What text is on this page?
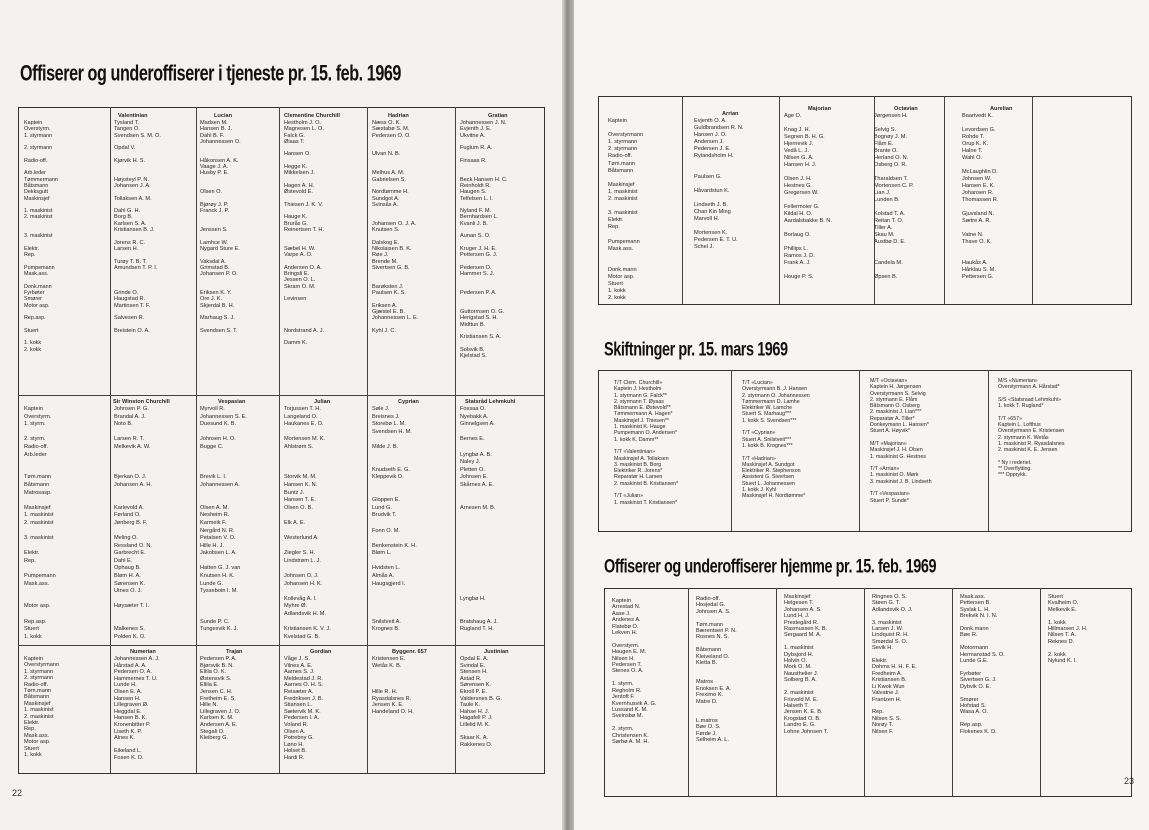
Offiserer og underoffiserer i tjeneste pr. 15. feb. 1969
Kaptein
Overstyrm.
1. styrmann

2. styrmann

Radio-off.

Arb.leder
Tømmermann
Båtsmann
Dekksgutt
Maskinsjef

1. maskinist
2. maskinist

3. maskinist

Elektr.
Rep.

Pumpemann
Mask.ass.

Donk.mann
Fyrbøter
Smører
Motor asp.

Rep.asp.

Stuert

1. kokk
2. kokk
Valentinian
Tysland T.
Tangen O.
Svendsen S. M. O.

Opdal V.

Kjørvik H. S.

Høysteyl P. N.
Johansen J. A.

Tollaksen A. M.

Dahl G. H.
Borg B.
Karlsen S. A.
Kristiansen B. J.

Jorens R. C.
Larsen H.

Turøy T. B. T.
Amundsen T. P. I.

Grinde O.
Haugstad R.
Martinsen T. F.

Salvesen R.

Breistein O. A.
Lucian
Madsen M.
Hansen B. J.
Dahl B. F.
Johannessen O.

Håkonsen A. K.
Vaage J. A.
Husby P. E.

Olsen O.

Bjørøy J. P.
Franck J. P.

Jenssen S.

Lamhce W.
Nygard Sture E.

Vaksdal A.
Grimstad B.
Johansen P. O.

Eriksen K. Y.
Ore J. K.
Skjerdal B. H.

Marhaug S. J.

Svendsen S. T.
Clementine Churchill
Hestholm J. O.
Magnesen L. O.
Falck G.
Øiaas T.

Hansen O.

Hegge K.
Mikkelsen J.

Hagen A. H.
Østevold E.

Thiesen J. K. V.

Hauge K.
Brurås G.
Reinertsen T. H.

Sæbel H. W.
Varpe A. O.

Andersen O. A.
Bringsli E.
Jessen O. L.
Skram O. M.

Levinsen

Nordstrand A. J.

Damm K.
Hadrian
Næss O. K.
Sæstabø S. M.
Pedersen O. O.

Ulvan N. B.

Melhus A. M.
Gabrielsen S.

Nordtømme H.
Sundgot A.
Svinsås A.

Johansen O. J. A.
Knutsen S.

Dalskog E.
Nikolaisen B. K.
Røe J.
Brende M.
Sivertsen G. B.

Barøksten J.
Paulsen K. S.

Eriksen A.
Gjæstel E. B.
Johannessen L. E.

Kyhl J. C.
Gratian
Johannessen J. N.
Evjenth J. E.
Ukvitne A.

Fuglum R. A.

Finsaas R.

Beck Hansen H. C.
Reinholdt R.
Haugen S.
Telfelsen L. I.

Nyland F. M.
Bernhardsen L.
Kvanli J. B.

Aunan S. O.

Kruger J. H. E.
Pettersen G. J.

Pedersen O.
Hammer S. J.

Pedersen P. A.

Guttormsen O. G.
Herigstad S. H.
Midttun B.

Kristiansen S. A.

Solsvik B.
Kjelstad S.
Kaptein
Overstyrm.
1. styrm.

2. styrm.
Radio-off.
Arb.leder

Tøm.mann
Båtsmann
Matrosasp.

Maskinsjef
1. maskinist
2. maskinist

3. maskinist

Elektr.
Rep.

Pumpemann
Mask.ass.

Motor asp.

Rep.asp.
Stuert
1. kokk
Sir Winston Churchill
Johnsen P. G.
Brandal A. J.
Noto B.

Larsen R. T.
Melkevik A. W.

Bjerkan O. J.
Johansen A. H.

Karlevold A.
Førland O.
Jønberg B. F.

Meling O.
Ressland O. N.
Garbrecht E.
Dahl E.
Ophaug B.
Bløm H. A.
Sørensen K.
Utnes O. J.

Høysæter T. I.

Malkenes S.
Polden K. O.
Vespasian
Myrvoll R.
Johannessen S. E.
Duesund K. B.

Johnsen H. O.
Bugge C.

Brevik L. I.
Johannessen A.

Olsen A. M.
Nesheim R.
Karmeik F.
Nergård N. R.
Petalsen V. O.
Hille H. J.
Jakobsen L. A.

Hatten G. J. van
Knutsen H. K.
Lunde G.
Tyssebotn I. M.

Sunde P. C.
Tungesvik K. J.
Julian
Torjussen T. H.
Langeland O.
Haukanes E. O.

Mortensen M. K.
Ahlstrøm S.

Storvik M. M.
Hansen K. N.
Buntz J.
Hansen T. E.
Olsen O. B.

Elk A. E.

Westerlund A.

Ziegler S. H.
Lindstrøm L. J.

Johnsen O. J.
Johansen H. K.

Kollevåg A. I.
Myhre Ø.
Adlandsvik H. M.

Kristiansen K. V. J.
Kvelstad G. B.
Cyprian
Søle J.
Breisnes J.
Storebø L. M.
Svendsen H. M.

Milde J. B.

Knudseth E. G.
Kleppevik O.

Gloppen E.
Lund G.
Brudvik T.

Fonn O. M.

Benkenstein K. H.
Bløm L.

Hvidsten L.
Almås A.
Haugsgjerd I.

Snilstveit A.
Krognes B.
Statsråd Lehmkuhl
Fossaa O.
Nyebakk A.
Ginnelgsen A.

Bernes E.

Lyngbø A. B.
Naley J.
Pletten O.
Johnsen E.
Skårnes A. E.

Arnesen M. B.

Lyngbø H.

Bratshaug A. J.
Rugland T. H.
Kaptein
Overstyrmann
1. styrmann
2. styrmann
Radio-off.
Tøm.mann
Båtsmann
Maskinsjef
1. maskinist
2. maskinist
Elektr.
Rep.
Mask.ass.
Motor asp.
Stuert
1. kokk
Numerian
Johannessen A. J.
Hårstad A. A.
Pedersen O. A.
Hammernes T. U.
Lunde H.
Olsen E. A.
Hansen H.
Lillegraven Ø.
Heggdal E.
Hansen B. K.
Kronenbitter P.
Liseth K. P.
Alnes K.

Eikeland L.
Fosen K. D.
Trajan
Pedersen P. A.
Bjørsvik B. N.
Ellila O. K.
Østensvik S.
Ellila E.
Jensen C. H.
Fretheim E. S.
Hille N.
Lillegraven J. O.
Karlsen K. M.
Andersen A. E.
Stegali O.
Kleiberg G.
Gordian
Våge J. S.
Vilnes A. E.
Aarnes S. J.
Meldestad J. R.
Aarnes O. H. S.
Reisæter A.
Fredriksen J. B.
Stiansen L.
Sætervik M. K.
Pedersen I. A.
Voland R.
Olsen A.
Potrebny G.
Løno H.
Holset B.
Hardi R.
Byggenr. 657
Kristensen E.
Wetås K. B.

Hille R. H.
Ryasdalsnes R.
Jensen K. E.
Handeland O. H.
Justinian
Opdal E. A.
Svindal E.
Stensen H.
Astad R.
Sørensen K.
Ekroll P. E.
Valdersnes B. G.
Taule K.
Hahse H. J.
Hagafell P. J.
Lillelid M. K.

Skaar K. A.
Rakkenes O.
22
Kaptein

Overstyrmann
1. styrmann
2. styrmann
Radio-off.
Tøm.mann
Båtsmann

Maskinsjef
1. maskinist
2. maskinist

3. maskinist
Elektr.
Rep.

Pumpemann
Mask.ass.

Donk.mann
Motor asp.
Stuert
1. kokk
2. kokk
Arrian
Evjenth O. A.
Guldbrandsen R. N.
Hansen J. O.
Andersen J.
Pedersen J. E.
Rylandsholm H.

Paulsen G.

Håvardstun K.

Lindseth J. B.
Chan Kin Ming
Marvoll H.

Mortensen K.
Pedersen E. T. U.
Schel J.
Majorian
Age O.

Knag J. H.
Segnen B. H. G.
Hjernevik J.
Vedå L. J.
Nilsen G. A.
Hansen H. J.

Olsen J. H.
Hestnes G.
Gregersen W.

Fellermoier G.
Kildal H. O.
Aardalsbakke B. N.

Borlaug O.

Phillips L.
Ramos J. D.
Frank A. J.

Houge P. S.
Octavian
Jørgensen H.

Selvig S.
Bognøy J. M.
Flåm E.
Brante O.
Herland O. N.
Osberg O. R.

Tharaldsen T.
Mortensen C. P.
Lian J.
Lunden B.

Kolstad T. A.
Reitan T. O.
Tiller A.
Skau M.
Austbø D. E.

Candela M.

Øpsen B.
Aurelian
Baartvedt K.

Levordsen G.
Rohde T.
Orup K. K.
Halne T.
Wahl O.

McLaughlin D.
Johnsen W.
Hansen E. K.
Johansen R.
Thomassen R.

Gjuvsland N.
Sætre A. R.

Vatne N.
Thave O. K.

Haukås A.
Hårklau S. M.
Pettersen G.
Skiftninger pr. 15. mars 1969
T/T Clem. Churchill»
Kaptein J. Hestholm
1. styrmann G. Falck**
2. styrmann T. Øyaas
Båtsmann E. Østevold**
Tømmermann A. Hagen*
Maskinsjef J. Thiesen**
1. maskinist K. Hauge
Pumpemann O. Andersen*
1. kokk K. Damm**

T/T «Valentinian»
Maskinsjef A. Tollaksen
3. maskinist B. Borg
Elektriker R. Jorens*
Reparatør H. Larsen
2. maskinist B. Kristiansen*

T/T «Julian»
1. maskinist T. Kristiansen*
T/T «Lucian»
Overstyrmann B. J. Hansen
2. styrmann O. Johannessen
Tømmermann D. Lamhe
Elektriker W. Lamche
Stuert S. Marhaug***
1. kokk S. Svendsen***

T/T «Cyprian»
Stuert A. Snilstveit***
1. kokk B. Krognes***

T/T «Hadrian»
Maskinsjef A. Sundgot
Elektriker R. Stephenson
Assistent G. Sivertsen
Stuert L. Johannessen
1. kokk J. Kyhl
Maskinsjef H. Nordtømme*
M/T «Octavian»
Kaptein H. Jørgensen
Overstyrmann S. Selvig
2. styrmann E. Flåm
Båtsmann O. Osberg
2. maskinist J. Lian***
Reparatør A. Tiller*
Donkeymann L. Hansen*
Stuert A. Høyvik*

M/T «Majorian»
Maskinsjef J. H. Olsen
1. maskinist G. Hestnes

T/T «Arrian»
1. maskinist O. Mørk
3. maskinist J. B. Lindseth

T/T «Vespasian»
Stuert P. Sunde*
M/S «Numerian»
Overstyrmann A. Hårstad*

S/S «Statsraad Lehmkuhl»
1. kokk T. Rugland*

T/T «657»
Kaptein L. Lofthus
Overstyrmann E. Kristensen
2. styrmann K. Wetås
1. maskinist R. Ryasdalsnes
2. maskinist K. E. Jensen

* Ny i rederiet.
** Overflytting.
*** Opprykk.
Offiserer og underoffiserer hjemme pr. 15. feb. 1969
Kaptein
Arrestad N.
Aase J.
Andenes A.
Flatebø O.
Lekven H.

Overstyrm.
Haugen E. M.
Nilsen H.
Pedersen T.
Stenes O. A.

1. styrm.
Regholm R.
Jentoft F.
Kvernhusvik A. G.
Lussand K. M.
Sveinsbø M.

2. styrm.
Christensen K.
Sørbø A. M. H.
Radio-off.
Hosjedal G.
Johnsen A. S.

Tøm.mann
Bærentsen P. N.
Rosnes N. S.

Båtsmann
Kleiveland O.
Kletta B.

Matros
Enoksen E. A.
Freximo K.
Matre D.

L.matros
Bøe O. S.
Førde J.
Selheim A. L.
Maskinsjef
Helgesen T.
Johansen A. S.
Lund H. J.
Prestegård R.
Rasmussen K. B.
Sergaard M. A.

1. maskinist
Dybsjord H.
Holvin O.
Mork O. M.
Nausthelier J.
Solberg B. A.

2. maskinist
Frisvold M. E.
Halseth T.
Jensen K. E. B.
Krogstad O. B.
Landro E. G.
Lohne Johnsen T.
Ringnes O. S.
Støen G. T.
Adlandsvik O. J.

3. maskinist
Larsen J. W.
Lindquist R. H.
Smørdal S. O.
Sevik H.

Elektr.
Dohms H. H. F. E.
Fredheim A.
Kristiansen B.
Li Kwok Wun
Valvatne J.
Frantzen H.

Rep.
Nilsen S. S.
Norøy T.
Nilsen F.
Mask.ass.
Pettersen B.
Syslak L. H.
Brekvik N. I. N.

Donk.mann
Bøe R.

Motormann
Hermanstad S. O.
Lunde G.E.

Fyrbøter
Sivertsen G. J.
Dybvik O. E.

Smører
Hofstad S.
Wasa A. O.

Rep.asp.
Flokenes K. D.
Stuert
Kvalheim O.
Melkevik E.

1. kokk
Hillmarsen J. H.
Nilsen T. A.
Reknes D.

2. kokk
Nylund K. I.
23
